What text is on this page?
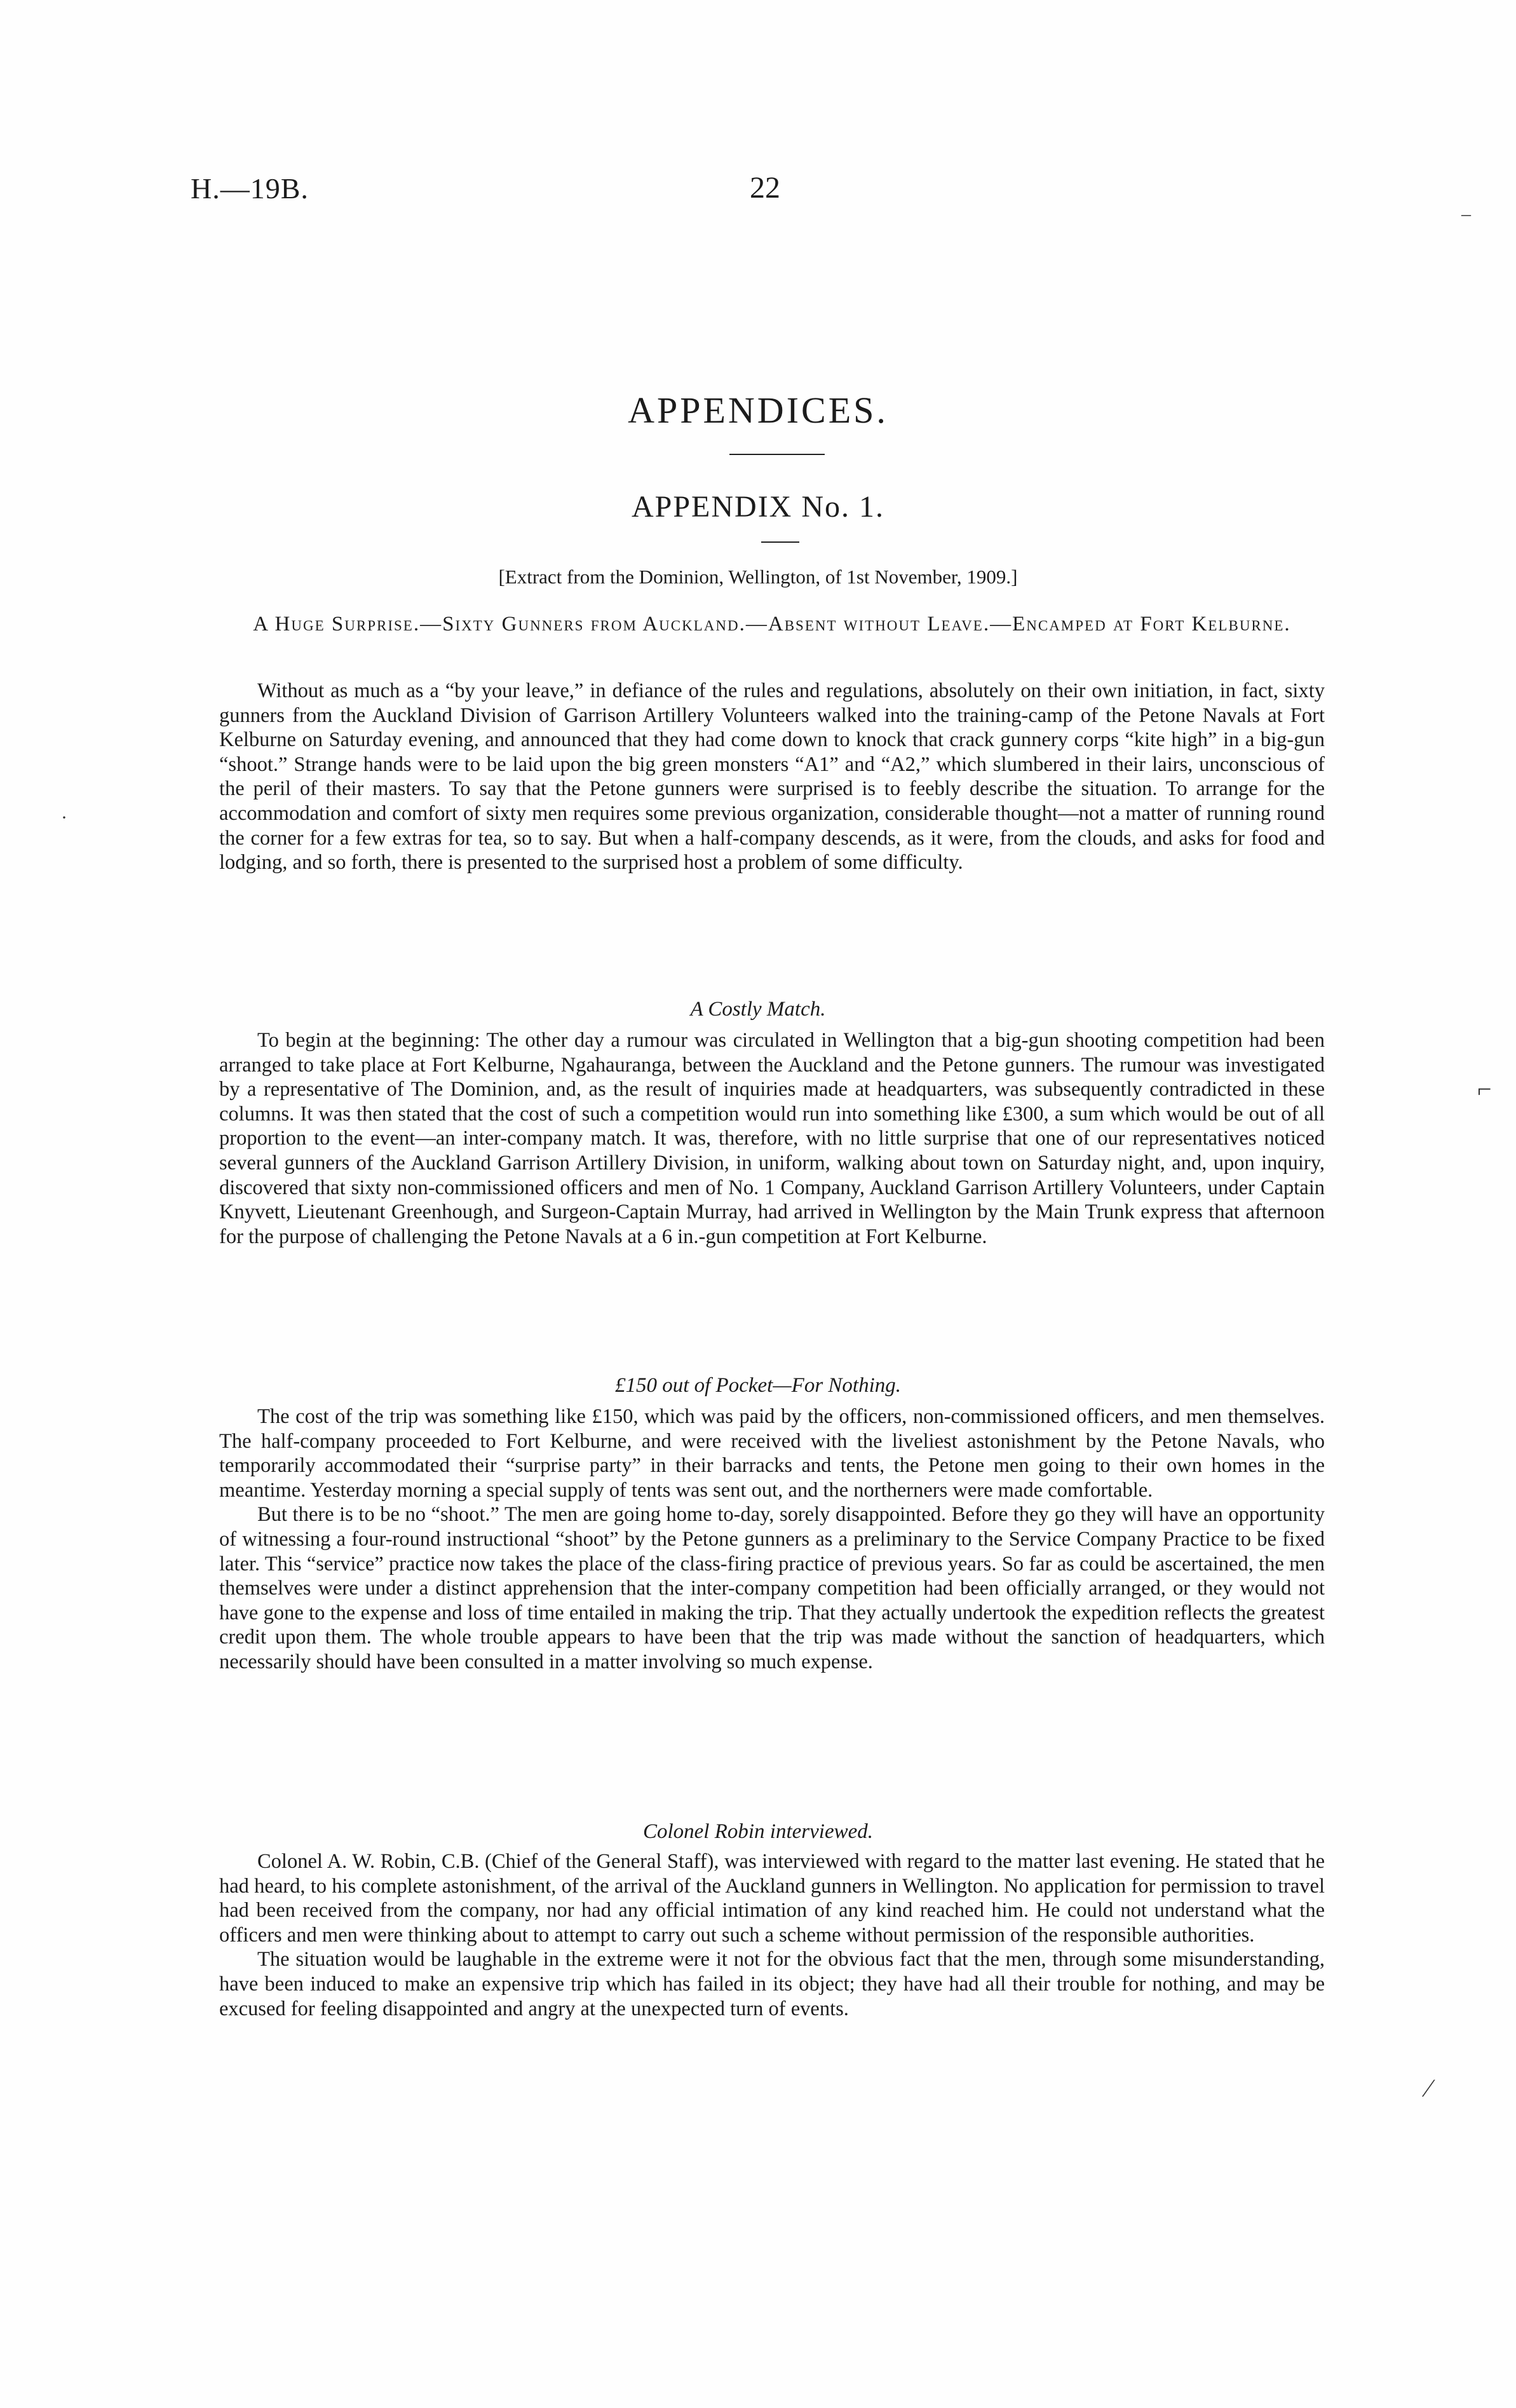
H.—19B.	22
APPENDICES.
APPENDIX No. 1.
[Extract from the Dominion, Wellington, of 1st November, 1909.]
A Huge Surprise.—Sixty Gunners from Auckland.—Absent without Leave.—Encamped at Fort Kelburne.

Without as much as a “by your leave,” in defiance of the rules and regulations, absolutely on their own initiation, in fact, sixty gunners from the Auckland Division of Garrison Artillery Volunteers walked into the training-camp of the Petone Navals at Fort Kelburne on Saturday evening, and announced that they had come down to knock that crack gunnery corps “kite high” in a big-gun “shoot.” Strange hands were to be laid upon the big green monsters “A1” and “A2,” which slumbered in their lairs, unconscious of the peril of their masters. To say that the Petone gunners were surprised is to feebly describe the situation. To arrange for the accommodation and comfort of sixty men requires some previous organization, considerable thought—not a matter of running round the corner for a few extras for tea, so to say. But when a half-company descends, as it were, from the clouds, and asks for food and lodging, and so forth, there is presented to the surprised host a problem of some difficulty.

A Costly Match.

To begin at the beginning: The other day a rumour was circulated in Wellington that a big-gun shooting competition had been arranged to take place at Fort Kelburne, Ngahauranga, between the Auckland and the Petone gunners. The rumour was investigated by a representative of The Dominion, and, as the result of inquiries made at headquarters, was subsequently contradicted in these columns. It was then stated that the cost of such a competition would run into something like £300, a sum which would be out of all proportion to the event—an inter-company match. It was, therefore, with no little surprise that one of our representatives noticed several gunners of the Auckland Garrison Artillery Division, in uniform, walking about town on Saturday night, and, upon inquiry, discovered that sixty non-commissioned officers and men of No. 1 Company, Auckland Garrison Artillery Volunteers, under Captain Knyvett, Lieutenant Greenhough, and Surgeon-Captain Murray, had arrived in Wellington by the Main Trunk express that afternoon for the purpose of challenging the Petone Navals at a 6 in.-gun competition at Fort Kelburne.

£150 out of Pocket—For Nothing.

The cost of the trip was something like £150, which was paid by the officers, non-commissioned officers, and men themselves. The half-company proceeded to Fort Kelburne, and were received with the liveliest astonishment by the Petone Navals, who temporarily accommodated their “surprise party” in their barracks and tents, the Petone men going to their own homes in the meantime. Yesterday morning a special supply of tents was sent out, and the northerners were made comfortable.

But there is to be no “shoot.” The men are going home to-day, sorely disappointed. Before they go they will have an opportunity of witnessing a four-round instructional “shoot” by the Petone gunners as a preliminary to the Service Company Practice to be fixed later. This “service” practice now takes the place of the class-firing practice of previous years. So far as could be ascertained, the men themselves were under a distinct apprehension that the inter-company competition had been officially arranged, or they would not have gone to the expense and loss of time entailed in making the trip. That they actually undertook the expedition reflects the greatest credit upon them. The whole trouble appears to have been that the trip was made without the sanction of headquarters, which necessarily should have been consulted in a matter involving so much expense.

Colonel Robin interviewed.

Colonel A. W. Robin, C.B. (Chief of the General Staff), was interviewed with regard to the matter last evening. He stated that he had heard, to his complete astonishment, of the arrival of the Auckland gunners in Wellington. No application for permission to travel had been received from the company, nor had any official intimation of any kind reached him. He could not understand what the officers and men were thinking about to attempt to carry out such a scheme without permission of the responsible authorities.

The situation would be laughable in the extreme were it not for the obvious fact that the men, through some misunderstanding, have been induced to make an expensive trip which has failed in its object; they have had all their trouble for nothing, and may be excused for feeling disappointed and angry at the unexpected turn of events.

·
⌐
⁄
‒
